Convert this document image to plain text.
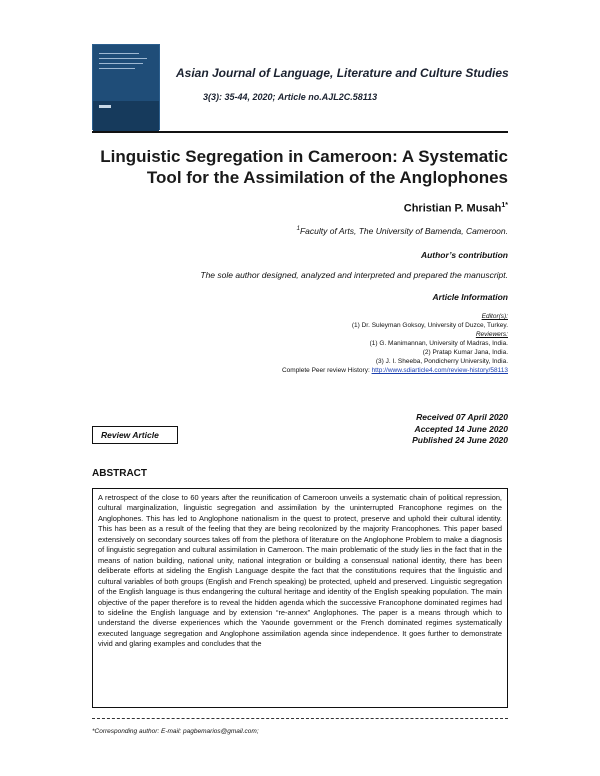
Asian Journal of Language, Literature and Culture Studies
3(3): 35-44, 2020; Article no.AJL2C.58113
Linguistic Segregation in Cameroon: A Systematic Tool for the Assimilation of the Anglophones
Christian P. Musah$^{1*}$
$^1$Faculty of Arts, The University of Bamenda, Cameroon.
Author’s contribution
The sole author designed, analyzed and interpreted and prepared the manuscript.
Article Information
Editor(s):
(1) Dr. Suleyman Goksoy, University of Duzce, Turkey.
Reviewers:
(1) G. Manimannan, University of Madras, India.
(2) Pratap Kumar Jana, India.
(3) J. I. Sheeba, Pondicherry University, India.
Complete Peer review History: http://www.sdiarticle4.com/review-history/58113
Review Article
Received 07 April 2020
Accepted 14 June 2020
Published 24 June 2020
ABSTRACT

A retrospect of the close to 60 years after the reunification of Cameroon unveils a systematic chain of political repression, cultural marginalization, linguistic segregation and assimilation by the uninterrupted Francophone regimes on the Anglophones. This has led to Anglophone nationalism in the quest to protect, preserve and uphold their cultural identity. This has been as a result of the feeling that they are being recolonized by the majority Francophones. This paper based extensively on secondary sources takes off from the plethora of literature on the Anglophone Problem to make a diagnosis of linguistic segregation and cultural assimilation in Cameroon. The main problematic of the study lies in the fact that in the means of nation building, national unity, national integration or building a consensual national identity, there has been deliberate efforts at sideling the English Language despite the fact that the constitutions requires that the linguistic and cultural variables of both groups (English and French speaking) be protected, upheld and preserved. Linguistic segregation of the English language is thus endangering the cultural heritage and identity of the English speaking population. The main objective of the paper therefore is to reveal the hidden agenda which the successive Francophone dominated regimes had to sideline the English language and by extension “re-annex” Anglophones. The paper is a means through which to understand the diverse experiences which the Yaounde government or the French dominated regimes systematically executed language segregation and Anglophone assimilation agenda since independence. It goes further to demonstrate vivid and glaring examples and concludes that the

*Corresponding author: E-mail: pagbemarios@gmail.com;
